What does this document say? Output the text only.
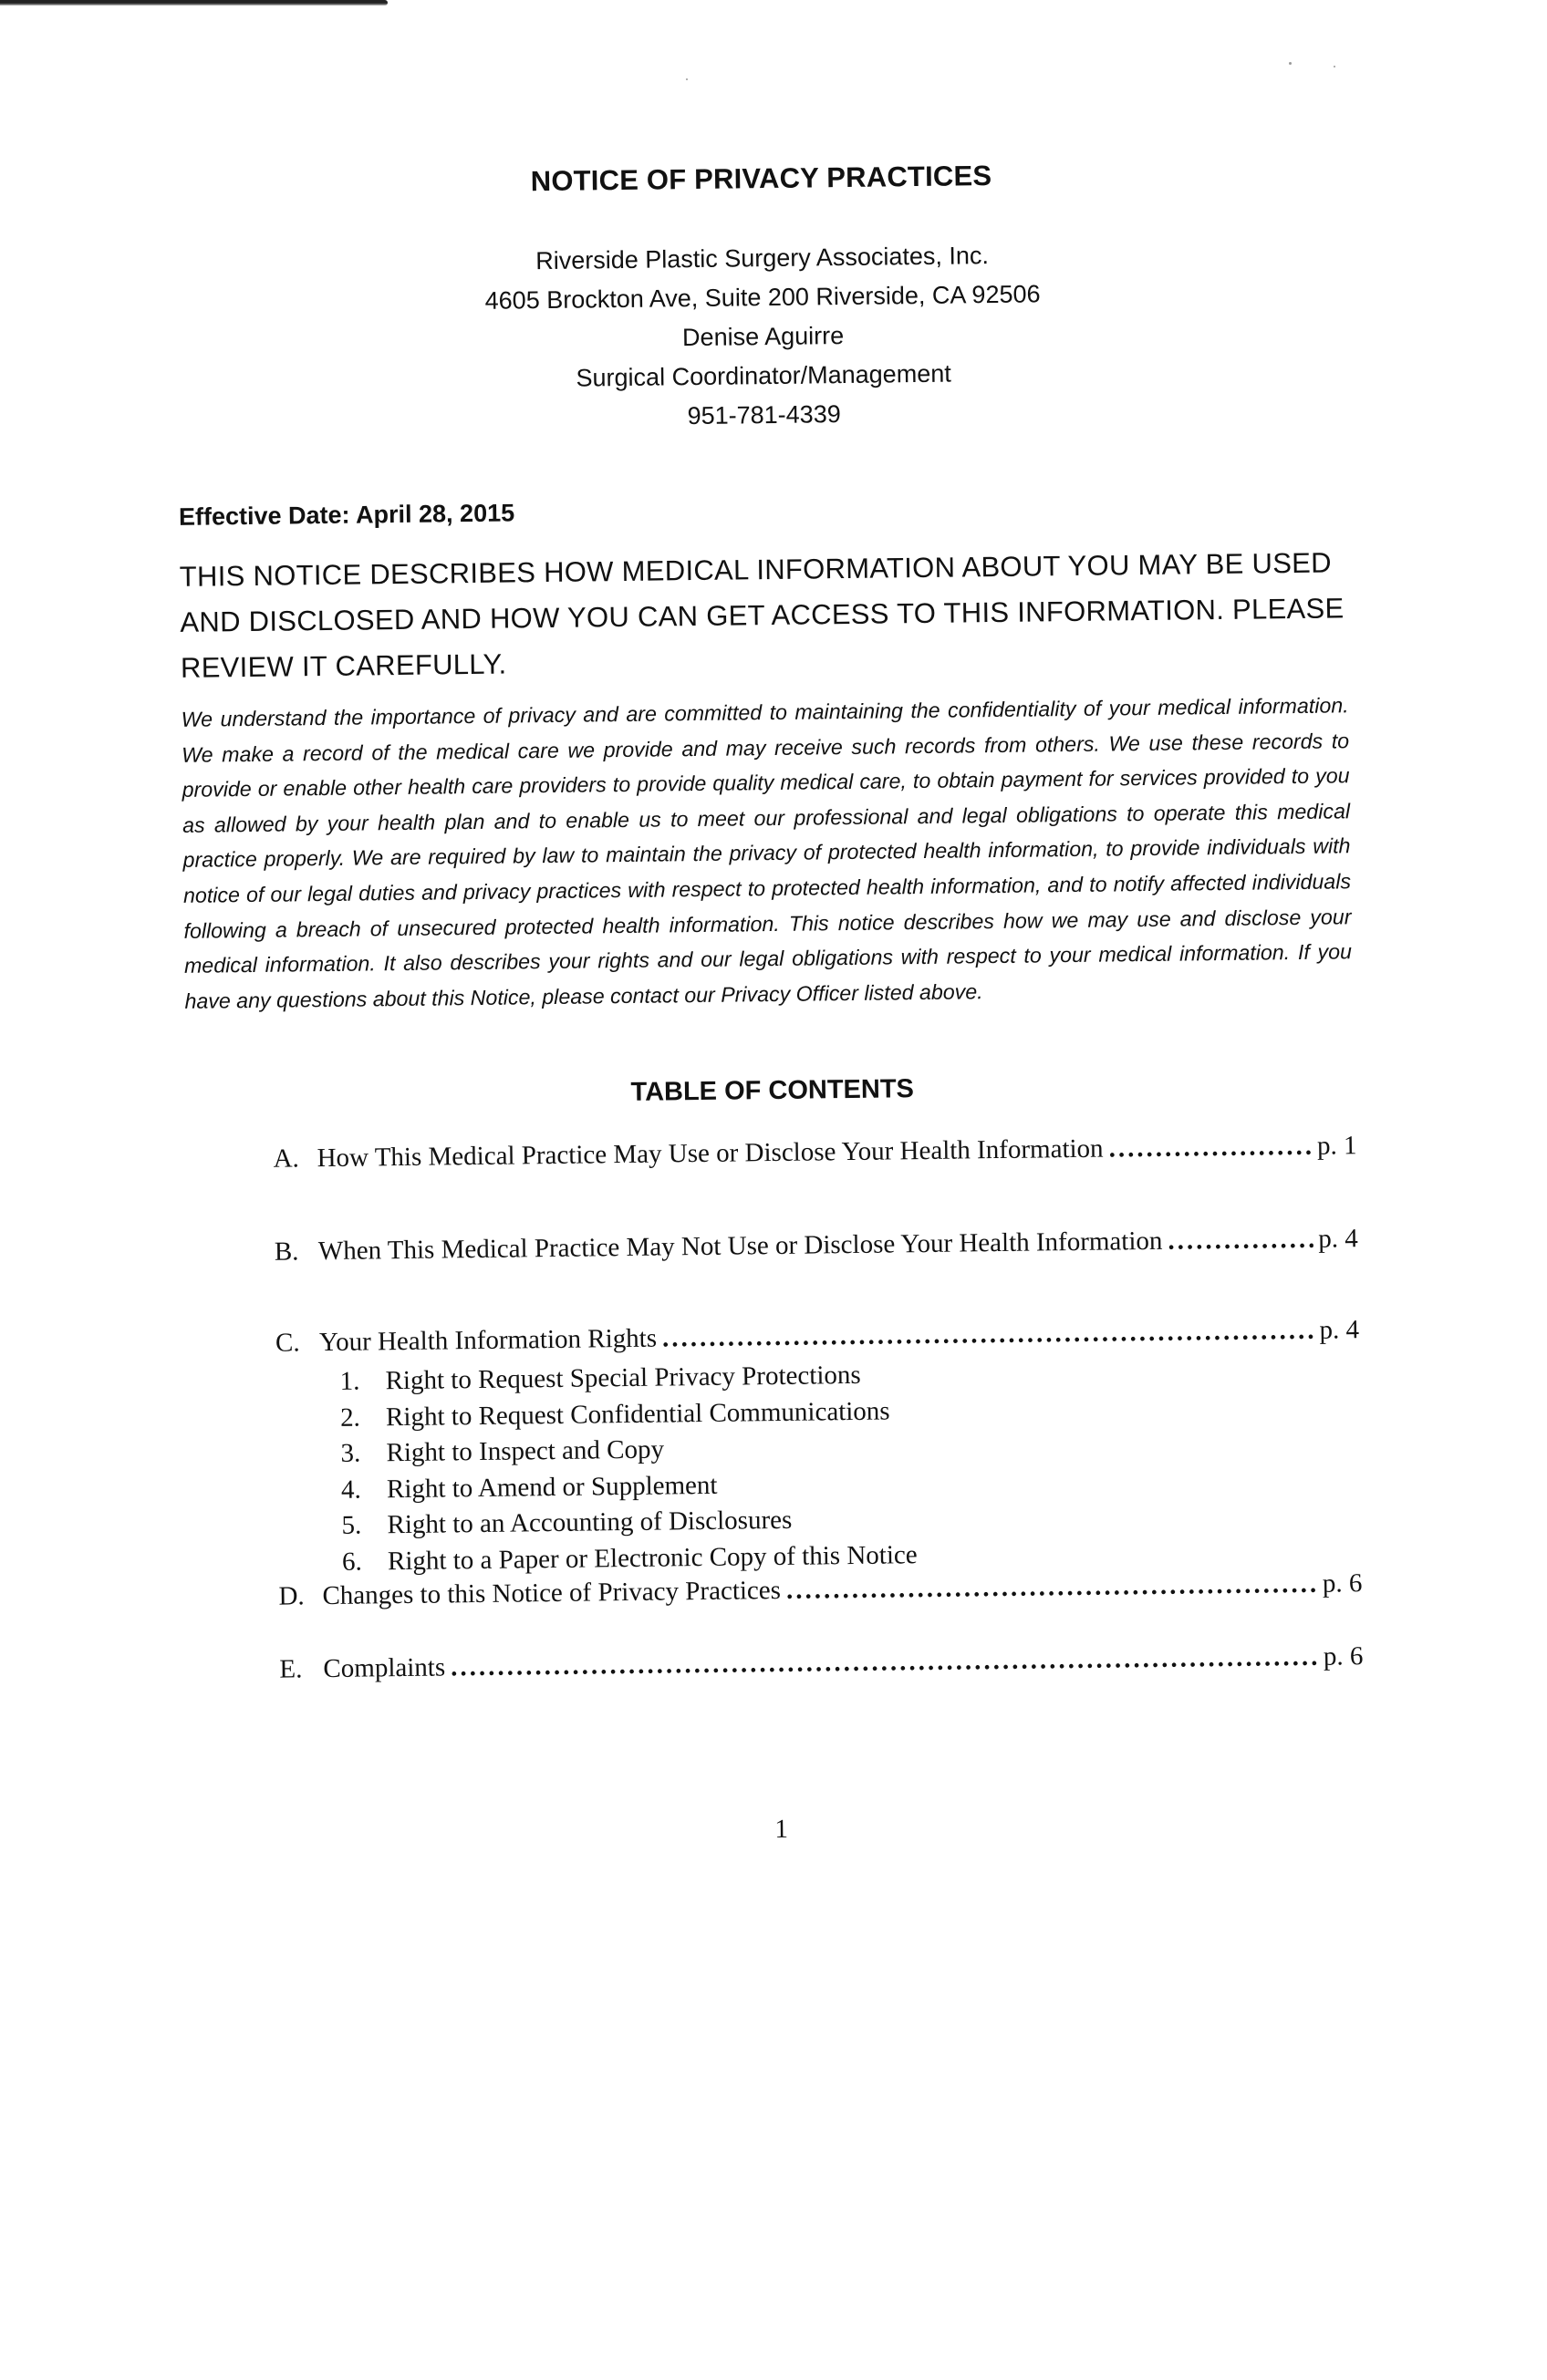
NOTICE OF PRIVACY PRACTICES
Riverside Plastic Surgery Associates, Inc.
4605 Brockton Ave, Suite 200 Riverside, CA 92506
Denise Aguirre
Surgical Coordinator/Management
951-781-4339
Effective Date: April 28, 2015
THIS NOTICE DESCRIBES HOW MEDICAL INFORMATION ABOUT YOU MAY BE USED AND DISCLOSED AND HOW YOU CAN GET ACCESS TO THIS INFORMATION. PLEASE REVIEW IT CAREFULLY.
We understand the importance of privacy and are committed to maintaining the confidentiality of your medical information. We make a record of the medical care we provide and may receive such records from others. We use these records to provide or enable other health care providers to provide quality medical care, to obtain payment for services provided to you as allowed by your health plan and to enable us to meet our professional and legal obligations to operate this medical practice properly. We are required by law to maintain the privacy of protected health information, to provide individuals with notice of our legal duties and privacy practices with respect to protected health information, and to notify affected individuals following a breach of unsecured protected health information. This notice describes how we may use and disclose your medical information. It also describes your rights and our legal obligations with respect to your medical information. If you have any questions about this Notice, please contact our Privacy Officer listed above.
TABLE OF CONTENTS
A. How This Medical Practice May Use or Disclose Your Health Information .....	p. 1
B. When This Medical Practice May Not Use or Disclose Your Health Information .....	p. 4
C. Your Health Information Rights .....	p. 4
1. Right to Request Special Privacy Protections
2. Right to Request Confidential Communications
3. Right to Inspect and Copy
4. Right to Amend or Supplement
5. Right to an Accounting of Disclosures
6. Right to a Paper or Electronic Copy of this Notice
D. Changes to this Notice of Privacy Practices .....	p. 6
E. Complaints .....	p. 6
1
